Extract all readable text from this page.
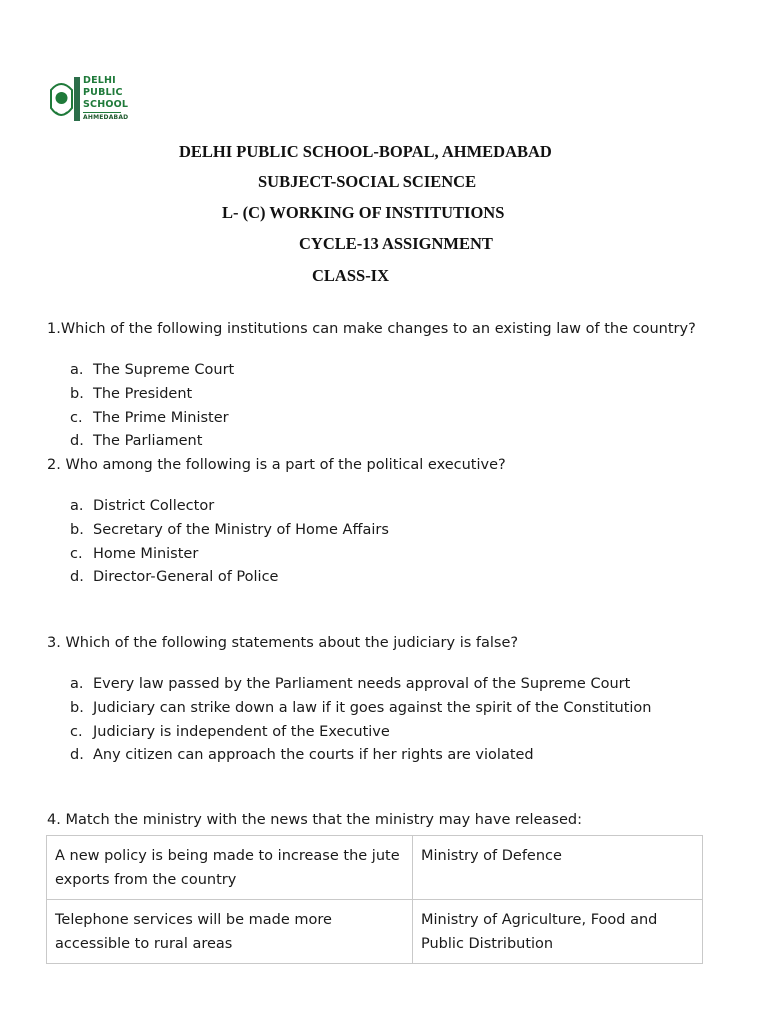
DELHI
PUBLIC
SCHOOL
AHMEDABAD
DELHI PUBLIC SCHOOL-BOPAL, AHMEDABAD
SUBJECT-SOCIAL SCIENCE
L- (C) WORKING OF INSTITUTIONS
CYCLE-13 ASSIGNMENT
CLASS-IX
1.Which of the following institutions can make changes to an existing law of the country?
a. The Supreme Court
b. The President
c. The Prime Minister
d. The Parliament
2. Who among the following is a part of the political executive?
a. District Collector
b. Secretary of the Ministry of Home Affairs
c. Home Minister
d. Director-General of Police
3. Which of the following statements about the judiciary is false?
a. Every law passed by the Parliament needs approval of the Supreme Court
b. Judiciary can strike down a law if it goes against the spirit of the Constitution
c. Judiciary is independent of the Executive
d. Any citizen can approach the courts if her rights are violated
4. Match the ministry with the news that the ministry may have released:
A new policy is being made to increase the jute exports from the country	Ministry of Defence
Telephone services will be made more accessible to rural areas	Ministry of Agriculture, Food and Public Distribution
